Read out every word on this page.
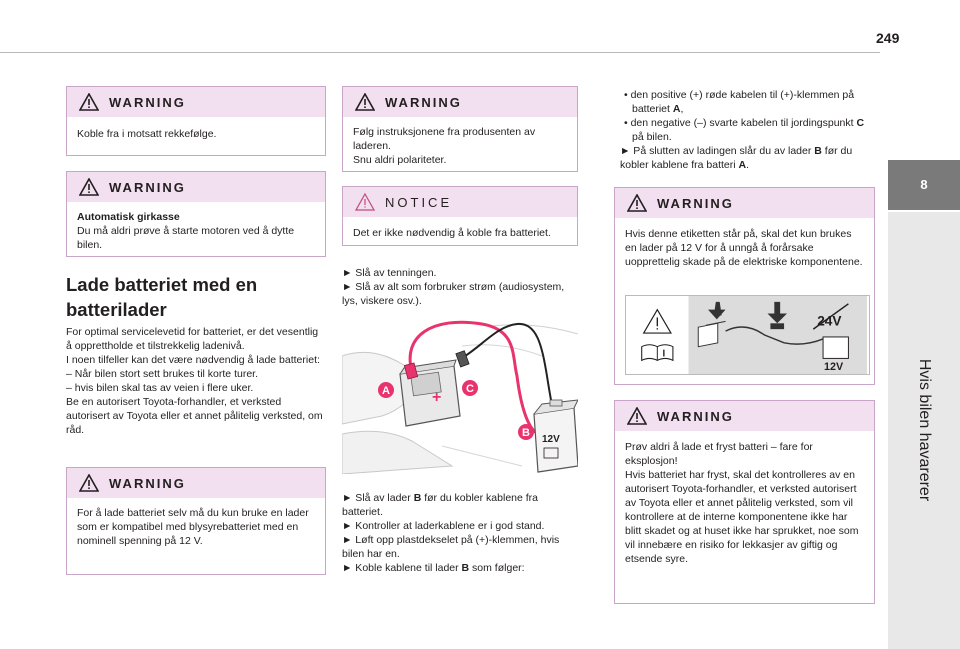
249
8
Hvis bilen havarerer
WARNING
Koble fra i motsatt rekkefølge.
WARNING
Automatisk girkasse
Du må aldri prøve å starte motoren ved å dytte bilen.
Lade batteriet med en batterilader

For optimal servicelevetid for batteriet, er det vesentlig å opprettholde et tilstrekkelig ladenivå.

I noen tilfeller kan det være nødvendig å lade batteriet:

– Når bilen stort sett brukes til korte turer.

– hvis bilen skal tas av veien i flere uker.

Be en autorisert Toyota-forhandler, et verksted autorisert av Toyota eller et annet pålitelig verksted, om råd.

WARNING
For å lade batteriet selv må du kun bruke en lader som er kompatibel med blysyrebatteriet med en nominell spenning på 12 V.
WARNING
Følg instruksjonene fra produsenten av laderen.
Snu aldri polariteter.
NOTICE
Det er ikke nødvendig å koble fra batteriet.

► Slå av tenningen.

► Slå av alt som forbruker strøm (audiosystem, lys, viskere osv.).

+
12V
A	C
B

► Slå av lader B før du kobler kablene fra batteriet.

► Kontroller at laderkablene er i god stand.

► Løft opp plastdekselet på (+)-klemmen, hvis bilen har en.

► Koble kablene til lader B som følger:

• den positive (+) røde kabelen til (+)-klemmen på batteriet A,

• den negative (–) svarte kabelen til jordingspunkt C på bilen.

► På slutten av ladingen slår du av lader B før du kobler kablene fra batteri A.

WARNING
Hvis denne etiketten står på, skal det kun brukes en lader på 12 V for å unngå å forårsake uopprettelig skade på de elektriske komponentene.
24V
12V
WARNING
Prøv aldri å lade et fryst batteri – fare for eksplosjon!
Hvis batteriet har fryst, skal det kontrolleres av en autorisert Toyota-forhandler, et verksted autorisert av Toyota eller et annet pålitelig verksted, som vil kontrollere at de interne komponentene ikke har blitt skadet og at huset ikke har sprukket, noe som vil innebære en risiko for lekkasjer av giftig og etsende syre.
